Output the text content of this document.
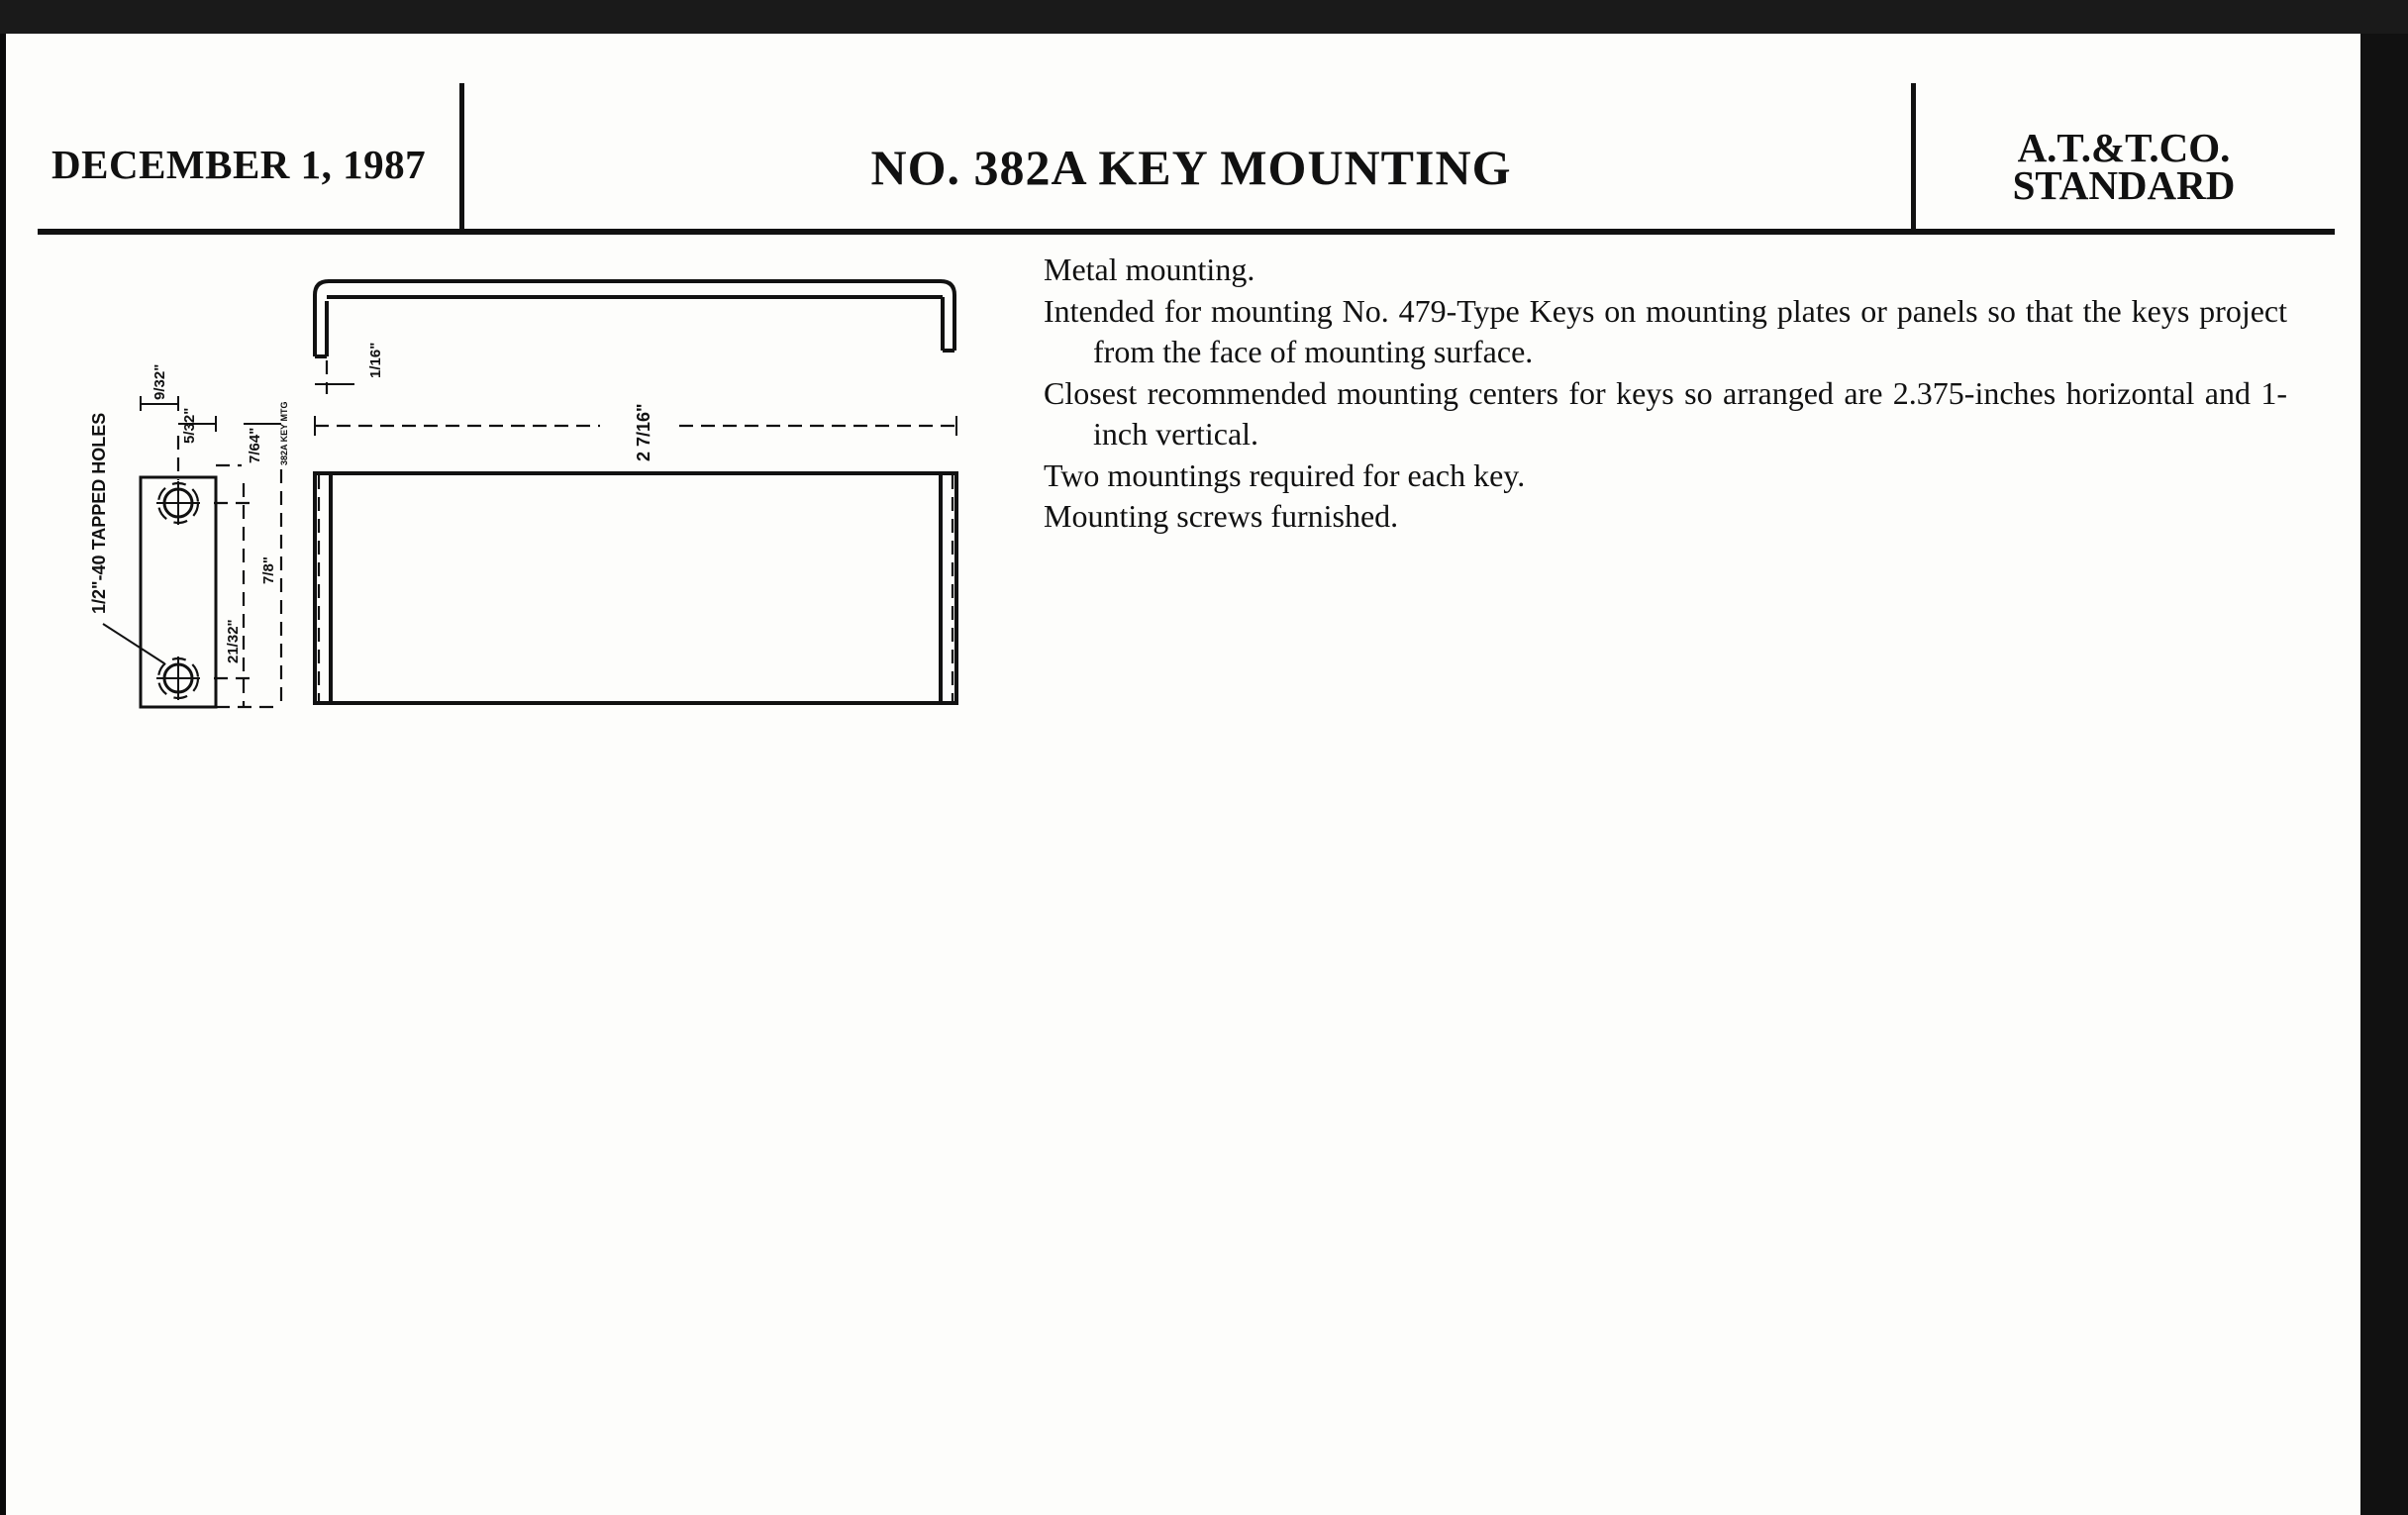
DECEMBER 1, 1987	NO. 382A KEY MOUNTING	A.T.&T.CO.
STANDARD
1/2"-40 TAPPED HOLES	5/32"
9/32"
7/64"
7/8"
21/32"
382A KEY MTG
1/16"
2 7/16"

Metal mounting.

Intended for mounting No. 479-Type Keys on mounting plates or panels so that the keys project from the face of mounting surface.

Closest recommended mounting centers for keys so arranged are 2.375-inches horizontal and 1-inch vertical.

Two mountings required for each key.

Mounting screws furnished.
